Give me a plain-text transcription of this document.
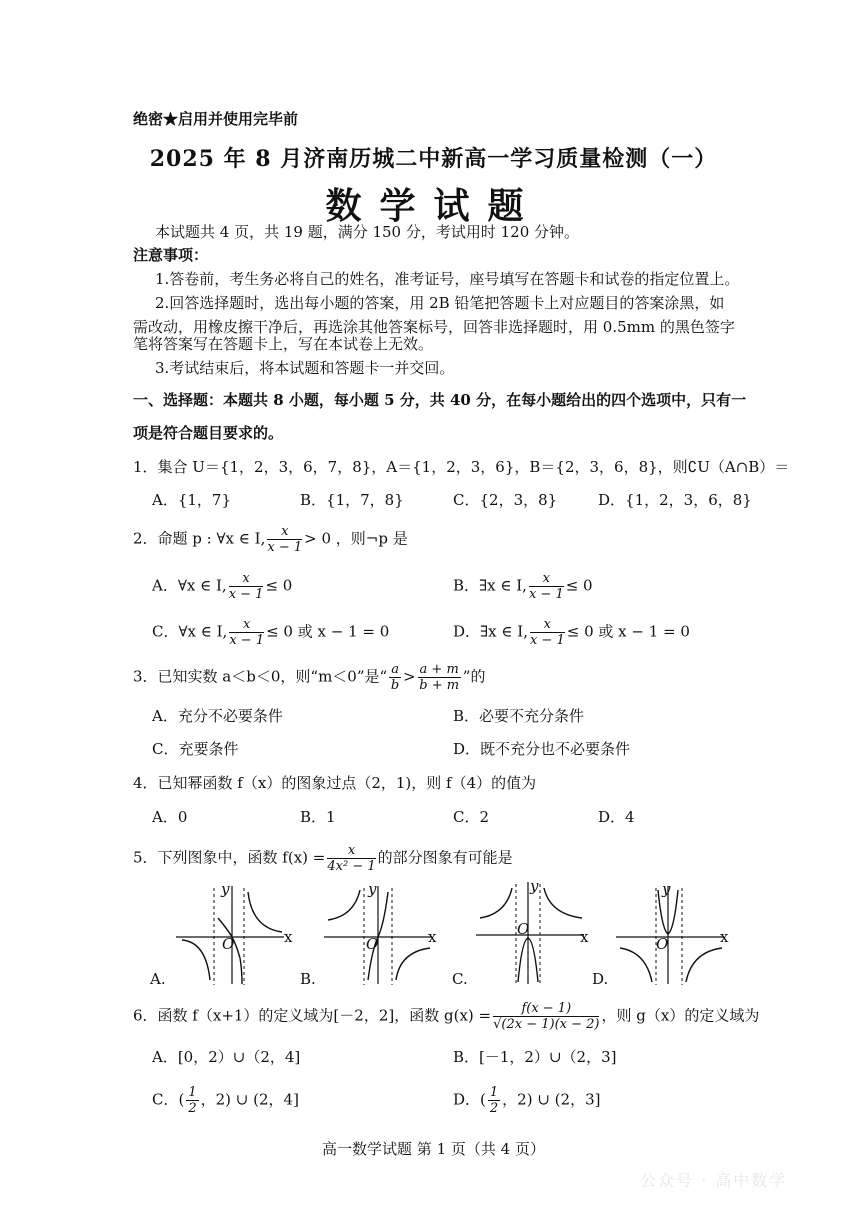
绝密★启用并使用完毕前
2025 年 8 月济南历城二中新高一学习质量检测（一）
数学试题
本试题共 4 页，共 19 题，满分 150 分，考试用时 120 分钟。
注意事项：
1.答卷前，考生务必将自己的姓名，准考证号，座号填写在答题卡和试卷的指定位置上。
2.回答选择题时，选出每小题的答案，用 2B 铅笔把答题卡上对应题目的答案涂黑，如
需改动，用橡皮擦干净后，再选涂其他答案标号，回答非选择题时，用 0.5mm 的黑色签字
笔将答案写在答题卡上，写在本试卷上无效。
3.考试结束后，将本试题和答题卡一并交回。
一、选择题：本题共 8 小题，每小题 5 分，共 40 分，在每小题给出的四个选项中，只有一
项是符合题目要求的。
1．集合 U＝{1，2，3，6，7，8}，A＝{1，2，3，6}，B＝{2，3，6，8}，则∁U（A∩B）＝
A．{1，7}	B．{1，7，8}	C．{2，3，8}	D．{1，2，3，6，8}
2．命题 p : ∀x ∈ I, $\frac{x}{x - 1} > 0$ ，则¬p 是
A．∀x ∈ I, $\frac{x}{x - 1} \le 0$	B．∃x ∈ I, $\frac{x}{x - 1} \le 0$
C．∀x ∈ I, $\frac{x}{x - 1} \le 0$ 或 x − 1 = 0	D．∃x ∈ I, $\frac{x}{x - 1} \le 0$ 或 x − 1 = 0
3．已知实数 a＜b＜0，则“m＜0”是“ $\frac{a}{b} > \frac{a + m}{b + m}$ ”的
A．充分不必要条件	B．必要不充分条件
C．充要条件	D．既不充分也不必要条件
4．已知幂函数 f（x）的图象过点（2，1)，则 f（4）的值为
A．0	B．1	C．2	D．4
5．下列图象中，函数 $f(x) = \frac{x}{\text{4x² − 1}}$ 的部分图象有可能是
x
y
O
A.
x
y
O
B.
x
y
O
C.
x
y
O
D.
6．函数 f（x+1）的定义域为[－2，2]，函数 $g(x) = \frac{f(x - 1)}{√(2x - 1)(x - 2)}$ ，则 g（x）的定义域为
A．[0，2）∪（2，4]	B．[－1，2）∪（2，3]
C．( $\frac{1}{2}$ ，2) ∪ (2，4]	D．( $\frac{1}{2}$ ，2) ∪ (2，3]
高一数学试题 第 1 页（共 4 页）
公众号 · 高中数学
